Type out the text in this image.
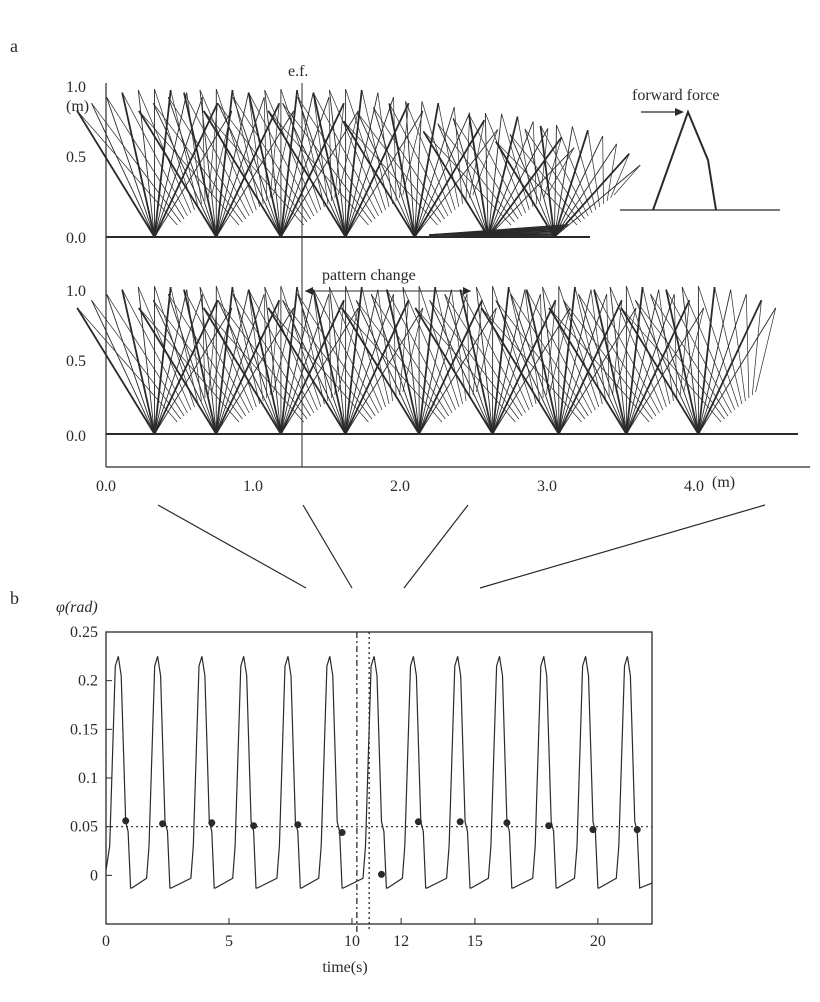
a
b
1.0
(m)
0.5
0.0
1.0
0.5
0.0
0.0	1.0	2.0	3.0	4.0 (m)
e.f.
pattern change
forward force
φ(rad)
time(s)
0.25
0.2
0.15
0.1
0.05
0
0	5	10 12	15	20
